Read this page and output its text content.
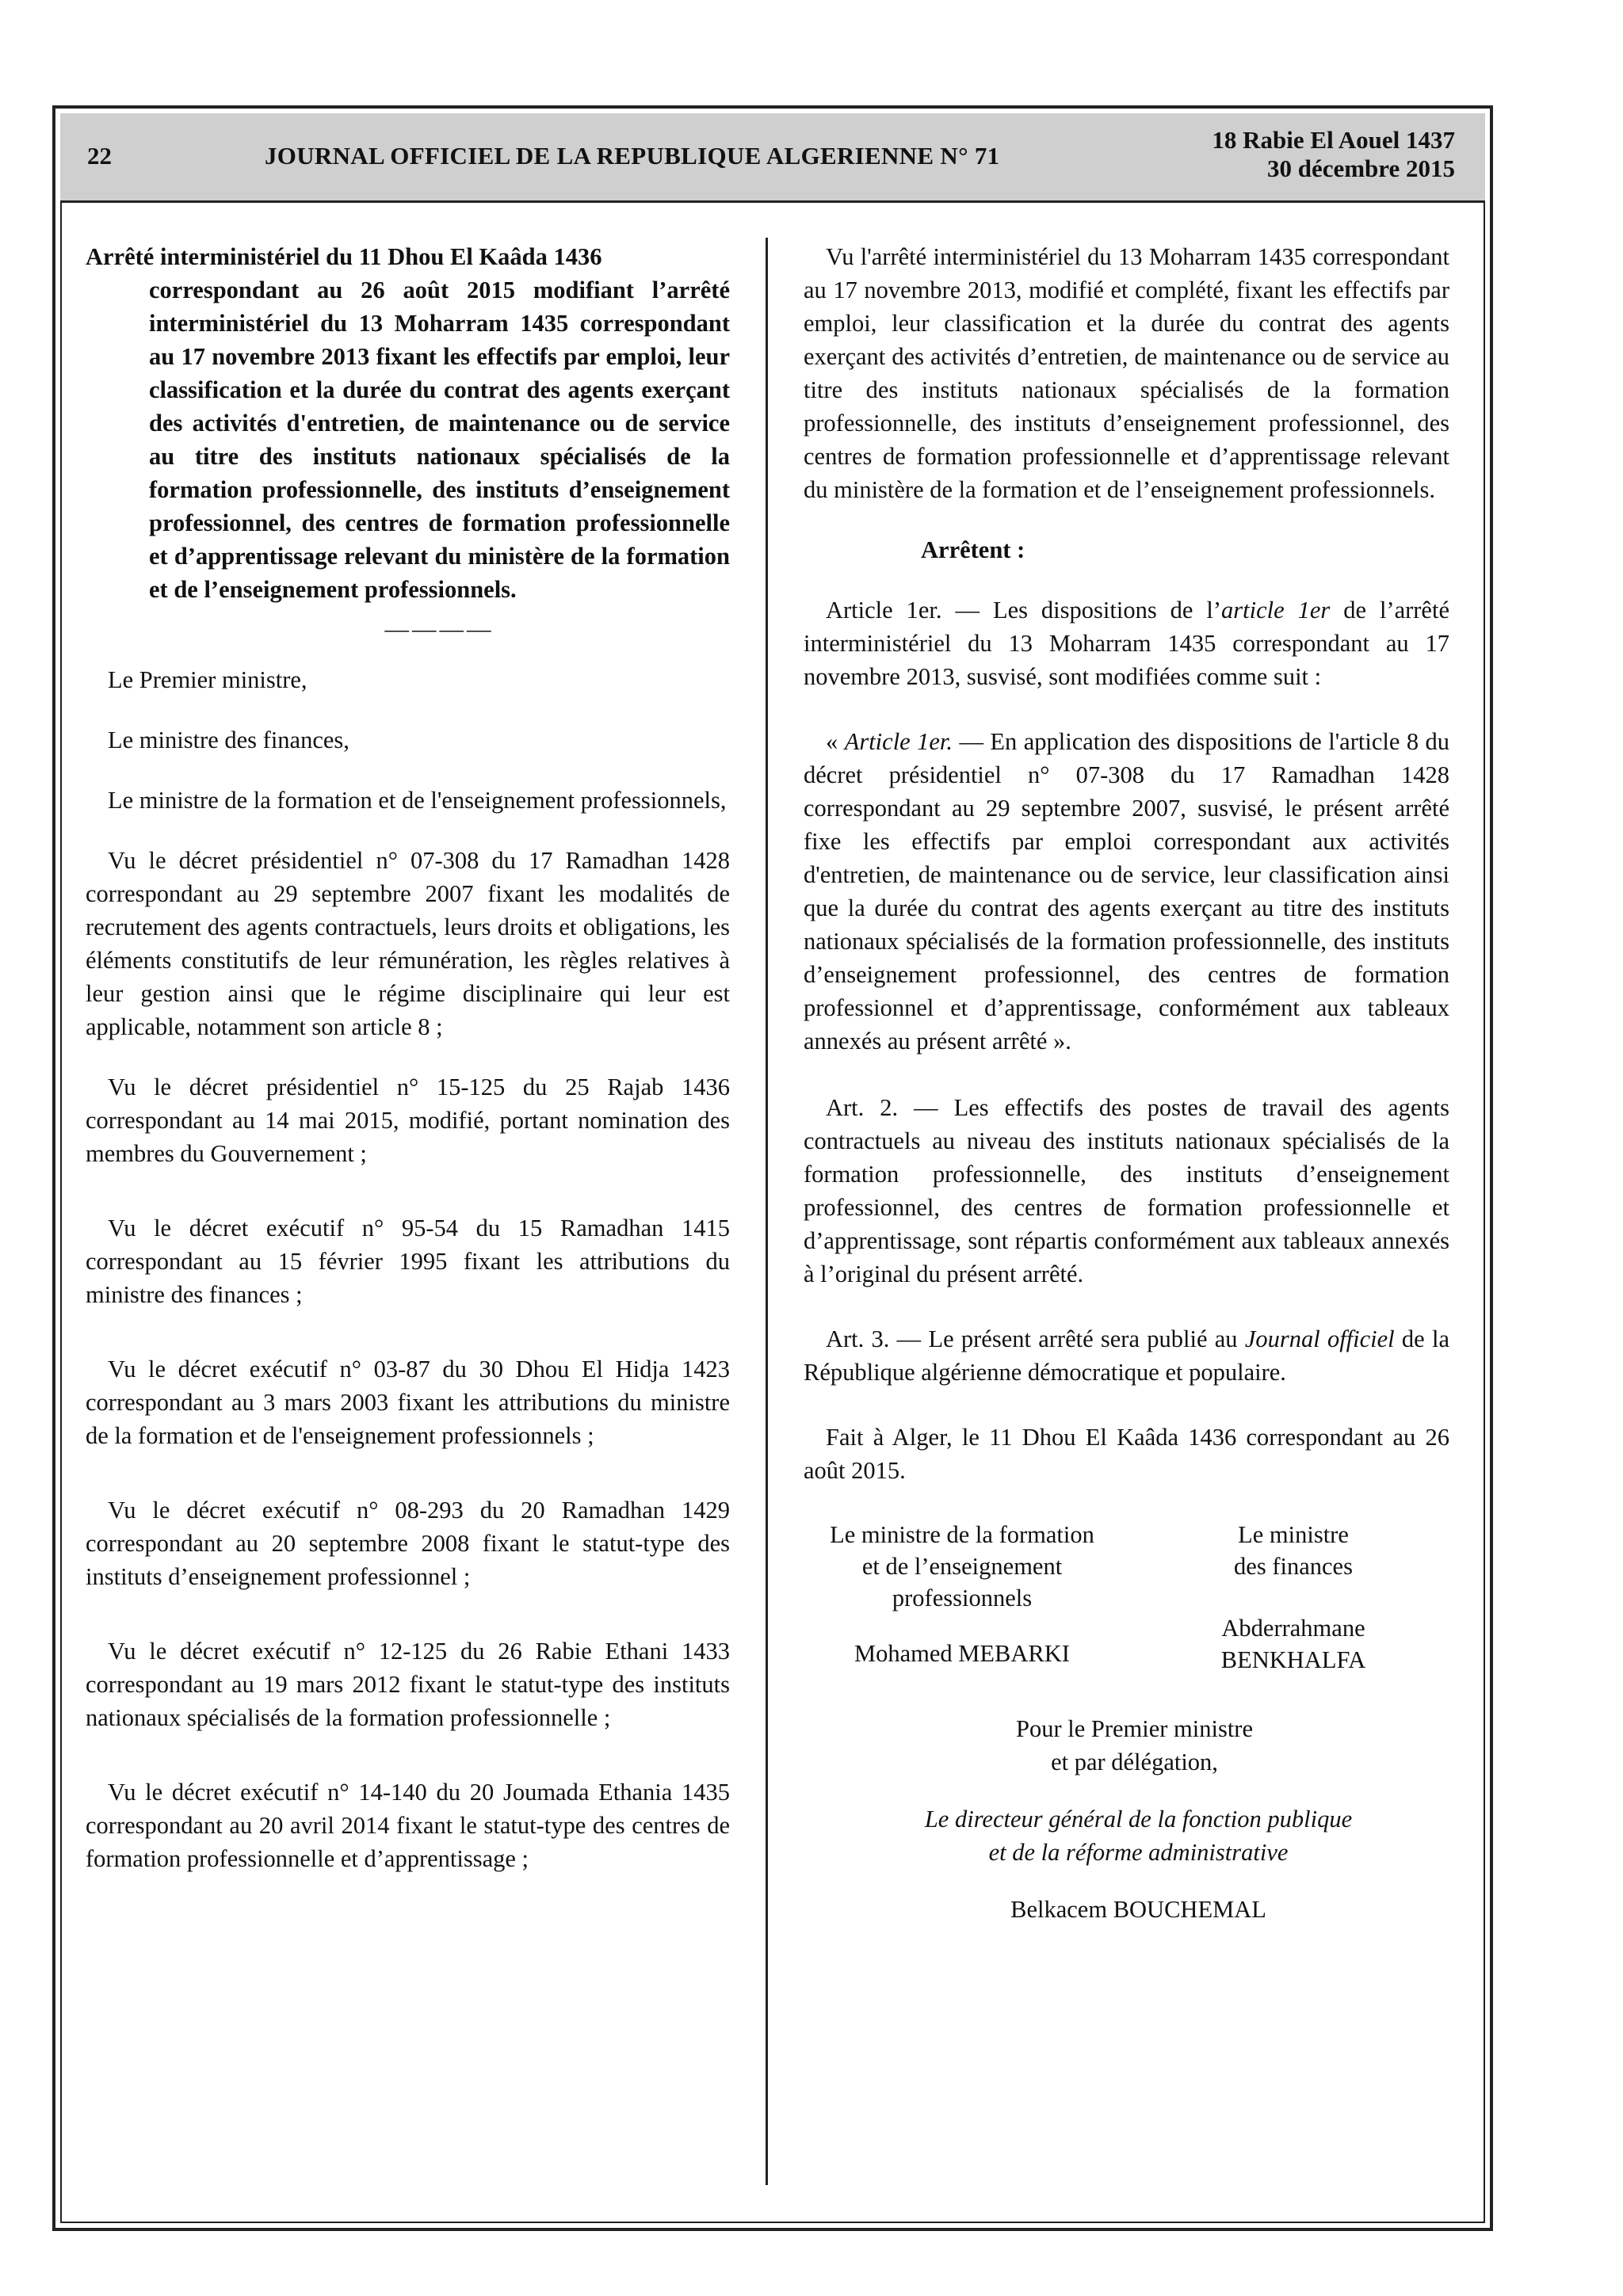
22	JOURNAL OFFICIEL DE LA REPUBLIQUE ALGERIENNE N° 71
18 Rabie El Aouel 1437
30 décembre 2015

Arrêté interministériel du 11 Dhou El Kaâda 1436
correspondant au 26 août 2015 modifiant l’arrêté interministériel du 13 Moharram 1435 correspondant au 17 novembre 2013 fixant les effectifs par emploi, leur classification et la durée du contrat des agents exerçant des activités d'entretien, de maintenance ou de service au titre des instituts nationaux spécialisés de la formation professionnelle, des instituts d’enseignement professionnel, des centres de formation professionnelle et d’apprentissage relevant du ministère de la formation et de l’enseignement professionnels.

————

Le Premier ministre,

Le ministre des finances,

Le ministre de la formation et de l'enseignement professionnels,

Vu le décret présidentiel n° 07-308 du 17 Ramadhan 1428 correspondant au 29 septembre 2007 fixant les modalités de recrutement des agents contractuels, leurs droits et obligations, les éléments constitutifs de leur rémunération, les règles relatives à leur gestion ainsi que le régime disciplinaire qui leur est applicable, notamment son article 8 ;

Vu le décret présidentiel n° 15-125 du 25 Rajab 1436 correspondant au 14 mai 2015, modifié, portant nomination des membres du Gouvernement ;

Vu le décret exécutif n° 95-54 du 15 Ramadhan 1415 correspondant au 15 février 1995 fixant les attributions du ministre des finances ;

Vu le décret exécutif n° 03-87 du 30 Dhou El Hidja 1423 correspondant au 3 mars 2003 fixant les attributions du ministre de la formation et de l'enseignement professionnels ;

Vu le décret exécutif n° 08-293 du 20 Ramadhan 1429 correspondant au 20 septembre 2008 fixant le statut-type des instituts d’enseignement professionnel ;

Vu le décret exécutif n° 12-125 du 26 Rabie Ethani 1433 correspondant au 19 mars 2012 fixant le statut-type des instituts nationaux spécialisés de la formation professionnelle ;

Vu le décret exécutif n° 14-140 du 20 Joumada Ethania 1435 correspondant au 20 avril 2014 fixant le statut-type des centres de formation professionnelle et d’apprentissage ;

Vu l'arrêté interministériel du 13 Moharram 1435 correspondant au 17 novembre 2013, modifié et complété, fixant les effectifs par emploi, leur classification et la durée du contrat des agents exerçant des activités d’entretien, de maintenance ou de service au titre des instituts nationaux spécialisés de la formation professionnelle, des instituts d’enseignement professionnel, des centres de formation professionnelle et d’apprentissage relevant du ministère de la formation et de l’enseignement professionnels.

Arrêtent :

Article 1er. — Les dispositions de l’article 1er de l’arrêté interministériel du 13 Moharram 1435 correspondant au 17 novembre 2013, susvisé, sont modifiées comme suit :

« Article 1er. — En application des dispositions de l'article 8 du décret présidentiel n° 07-308 du 17 Ramadhan 1428 correspondant au 29 septembre 2007, susvisé, le présent arrêté fixe les effectifs par emploi correspondant aux activités d'entretien, de maintenance ou de service, leur classification ainsi que la durée du contrat des agents exerçant au titre des instituts nationaux spécialisés de la formation professionnelle, des instituts d’enseignement professionnel, des centres de formation professionnel et d’apprentissage, conformément aux tableaux annexés au présent arrêté ».

Art. 2. — Les effectifs des postes de travail des agents contractuels au niveau des instituts nationaux spécialisés de la formation professionnelle, des instituts d’enseignement professionnel, des centres de formation professionnelle et d’apprentissage, sont répartis conformément aux tableaux annexés à l’original du présent arrêté.

Art. 3. — Le présent arrêté sera publié au Journal officiel de la République algérienne démocratique et populaire.

Fait à Alger, le 11 Dhou El Kaâda 1436 correspondant au 26 août 2015.

Le ministre de la formation
et de l’enseignement
professionnels
Mohamed MEBARKI
Le ministre
des finances
Abderrahmane
BENKHALFA
Pour le Premier ministre
et par délégation,
Le directeur général de la fonction publique
et de la réforme administrative
Belkacem BOUCHEMAL
